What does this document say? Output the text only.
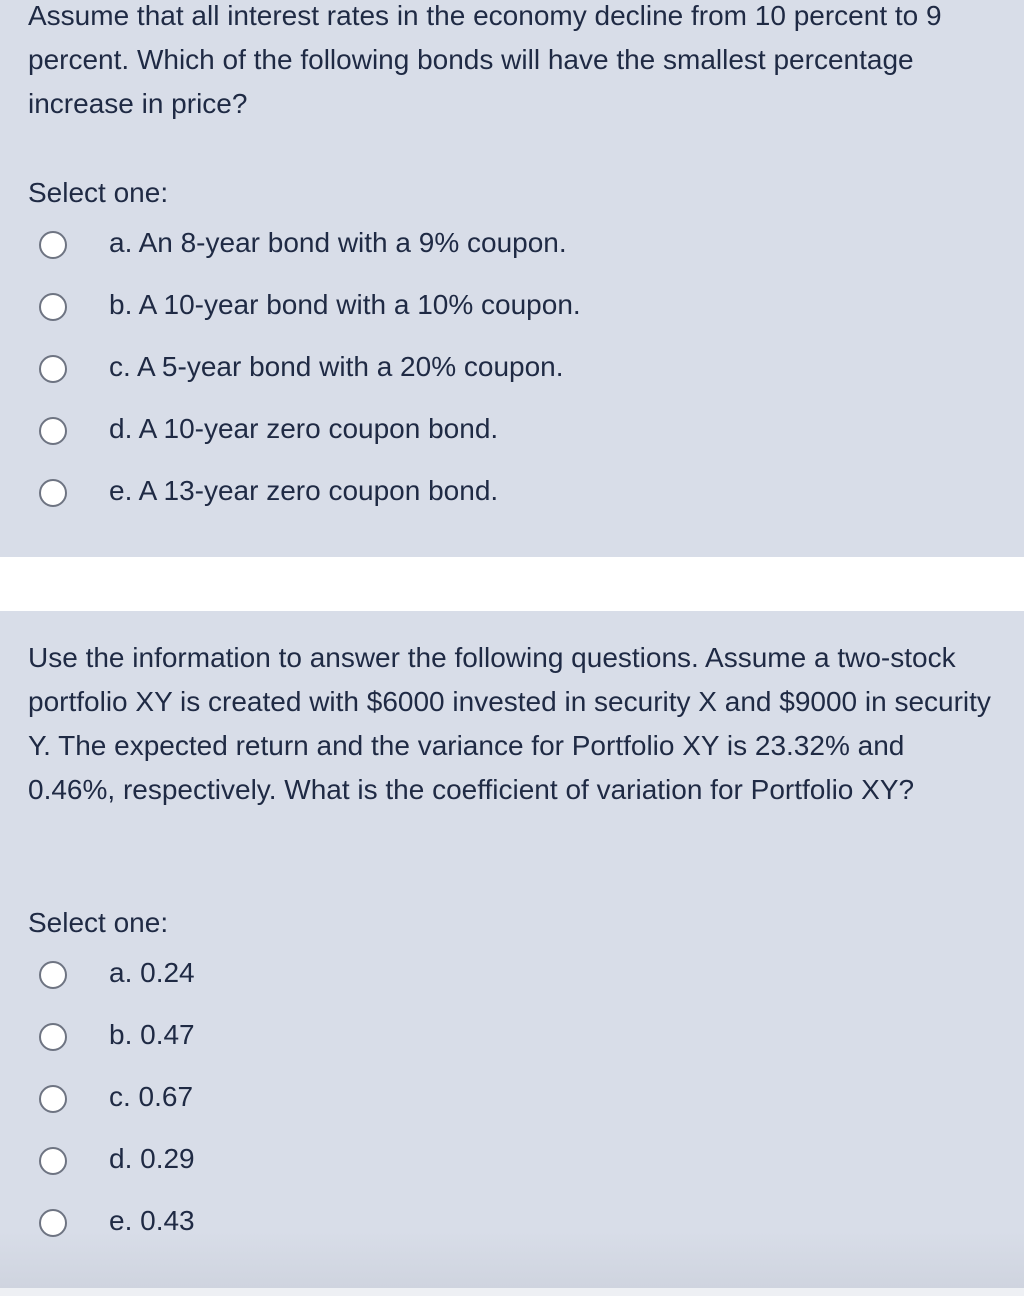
Assume that all interest rates in the economy decline from 10 percent to 9 percent. Which of the following bonds will have the smallest percentage increase in price?

Select one:
a. An 8-year bond with a 9% coupon.
b. A 10-year bond with a 10% coupon.
c. A 5-year bond with a 20% coupon.
d. A 10-year zero coupon bond.
e. A 13-year zero coupon bond.

Use the information to answer the following questions. Assume a two-stock portfolio XY is created with $6000 invested in security X and $9000 in security Y. The expected return and the variance for Portfolio XY is 23.32% and 0.46%, respectively. What is the coefficient of variation for Portfolio XY?

Select one:
a. 0.24
b. 0.47
c. 0.67
d. 0.29
e. 0.43
